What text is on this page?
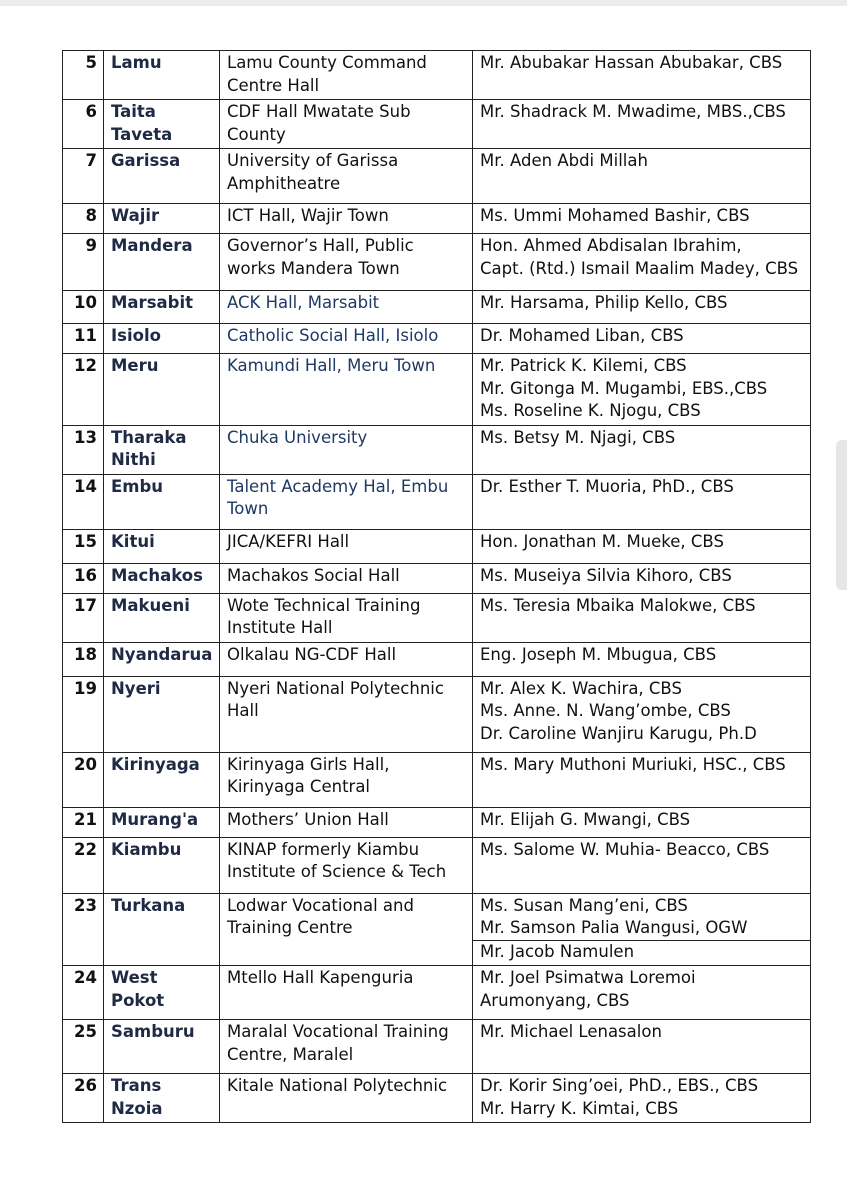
5	Lamu	Lamu County Command Centre Hall	Mr. Abubakar Hassan Abubakar, CBS

6	Taita Taveta	CDF Hall Mwatate Sub County	Mr. Shadrack M. Mwadime, MBS.,CBS

7	Garissa	University of Garissa Amphitheatre	Mr. Aden Abdi Millah

8	Wajir	ICT Hall, Wajir Town	Ms. Ummi Mohamed Bashir, CBS

9	Mandera	Governor’s Hall, Public works Mandera Town	Hon. Ahmed Abdisalan Ibrahim,
Capt. (Rtd.) Ismail Maalim Madey, CBS

10	Marsabit	ACK Hall, Marsabit	Mr. Harsama, Philip Kello, CBS

11	Isiolo	Catholic Social Hall, Isiolo	Dr. Mohamed Liban, CBS

12	Meru	Kamundi Hall, Meru Town	Mr. Patrick K. Kilemi, CBS
Mr. Gitonga M. Mugambi, EBS.,CBS
Ms. Roseline K. Njogu, CBS

13	Tharaka Nithi	Chuka University	Ms. Betsy M. Njagi, CBS

14	Embu	Talent Academy Hal, Embu Town	Dr. Esther T. Muoria, PhD., CBS

15	Kitui	JICA/KEFRI Hall	Hon. Jonathan M. Mueke, CBS

16	Machakos	Machakos Social Hall	Ms. Museiya Silvia Kihoro, CBS

17	Makueni	Wote Technical Training Institute Hall	Ms. Teresia Mbaika Malokwe, CBS

18	Nyandarua	Olkalau NG-CDF Hall	Eng. Joseph M. Mbugua, CBS

19	Nyeri	Nyeri National Polytechnic Hall	Mr. Alex K. Wachira, CBS
Ms. Anne. N. Wang’ombe, CBS
Dr. Caroline Wanjiru Karugu, Ph.D

20	Kirinyaga	Kirinyaga Girls Hall, Kirinyaga Central	Ms. Mary Muthoni Muriuki, HSC., CBS

21	Murang'a	Mothers’ Union Hall	Mr. Elijah G. Mwangi, CBS

22	Kiambu	KINAP formerly Kiambu Institute of Science & Tech	Ms. Salome W. Muhia- Beacco, CBS

23	Turkana	Lodwar Vocational and Training Centre	Ms. Susan Mang’eni, CBS
Mr. Samson Palia Wangusi, OGW
Mr. Jacob Namulen

24	West Pokot	Mtello Hall Kapenguria	Mr. Joel Psimatwa Loremoi Arumonyang, CBS

25	Samburu	Maralal Vocational Training Centre, Maralel	Mr. Michael Lenasalon

26	Trans Nzoia	Kitale National Polytechnic	Dr. Korir Sing’oei, PhD., EBS., CBS
Mr. Harry K. Kimtai, CBS
